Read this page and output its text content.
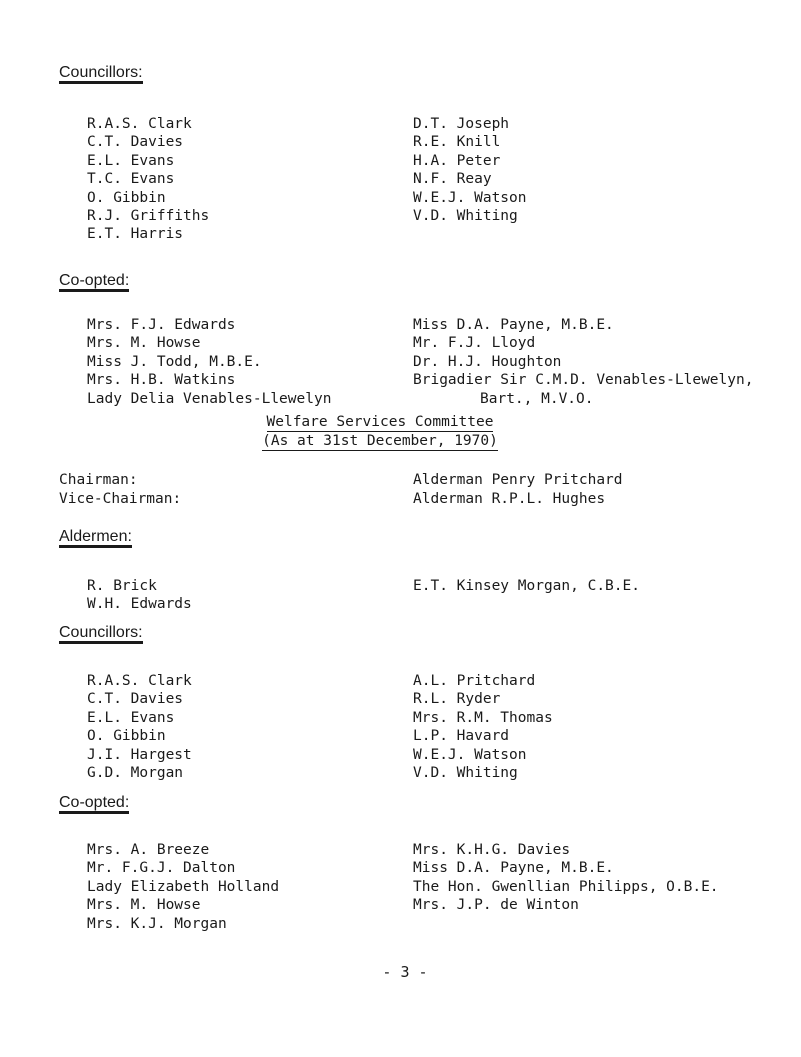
Councillors:
R.A.S. Clark
C.T. Davies
E.L. Evans
T.C. Evans
O. Gibbin
R.J. Griffiths
E.T. Harris
D.T. Joseph
R.E. Knill
H.A. Peter
N.F. Reay
W.E.J. Watson
V.D. Whiting
Co-opted:
Mrs. F.J. Edwards
Mrs. M. Howse
Miss J. Todd, M.B.E.
Mrs. H.B. Watkins
Lady Delia Venables-Llewelyn
Miss D.A. Payne, M.B.E.
Mr. F.J. Lloyd
Dr. H.J. Houghton
Brigadier Sir C.M.D. Venables-Llewelyn,
Bart., M.V.O.
Welfare Services Committee
(As at 31st December, 1970)
Chairman:	Alderman Penry Pritchard
Vice-Chairman:	Alderman R.P.L. Hughes
Aldermen:
R. Brick
W.H. Edwards
E.T. Kinsey Morgan, C.B.E.
Councillors:
R.A.S. Clark
C.T. Davies
E.L. Evans
O. Gibbin
J.I. Hargest
G.D. Morgan
A.L. Pritchard
R.L. Ryder
Mrs. R.M. Thomas
L.P. Havard
W.E.J. Watson
V.D. Whiting
Co-opted:
Mrs. A. Breeze
Mr. F.G.J. Dalton
Lady Elizabeth Holland
Mrs. M. Howse
Mrs. K.J. Morgan
Mrs. K.H.G. Davies
Miss D.A. Payne, M.B.E.
The Hon. Gwenllian Philipps, O.B.E.
Mrs. J.P. de Winton
- 3 -
